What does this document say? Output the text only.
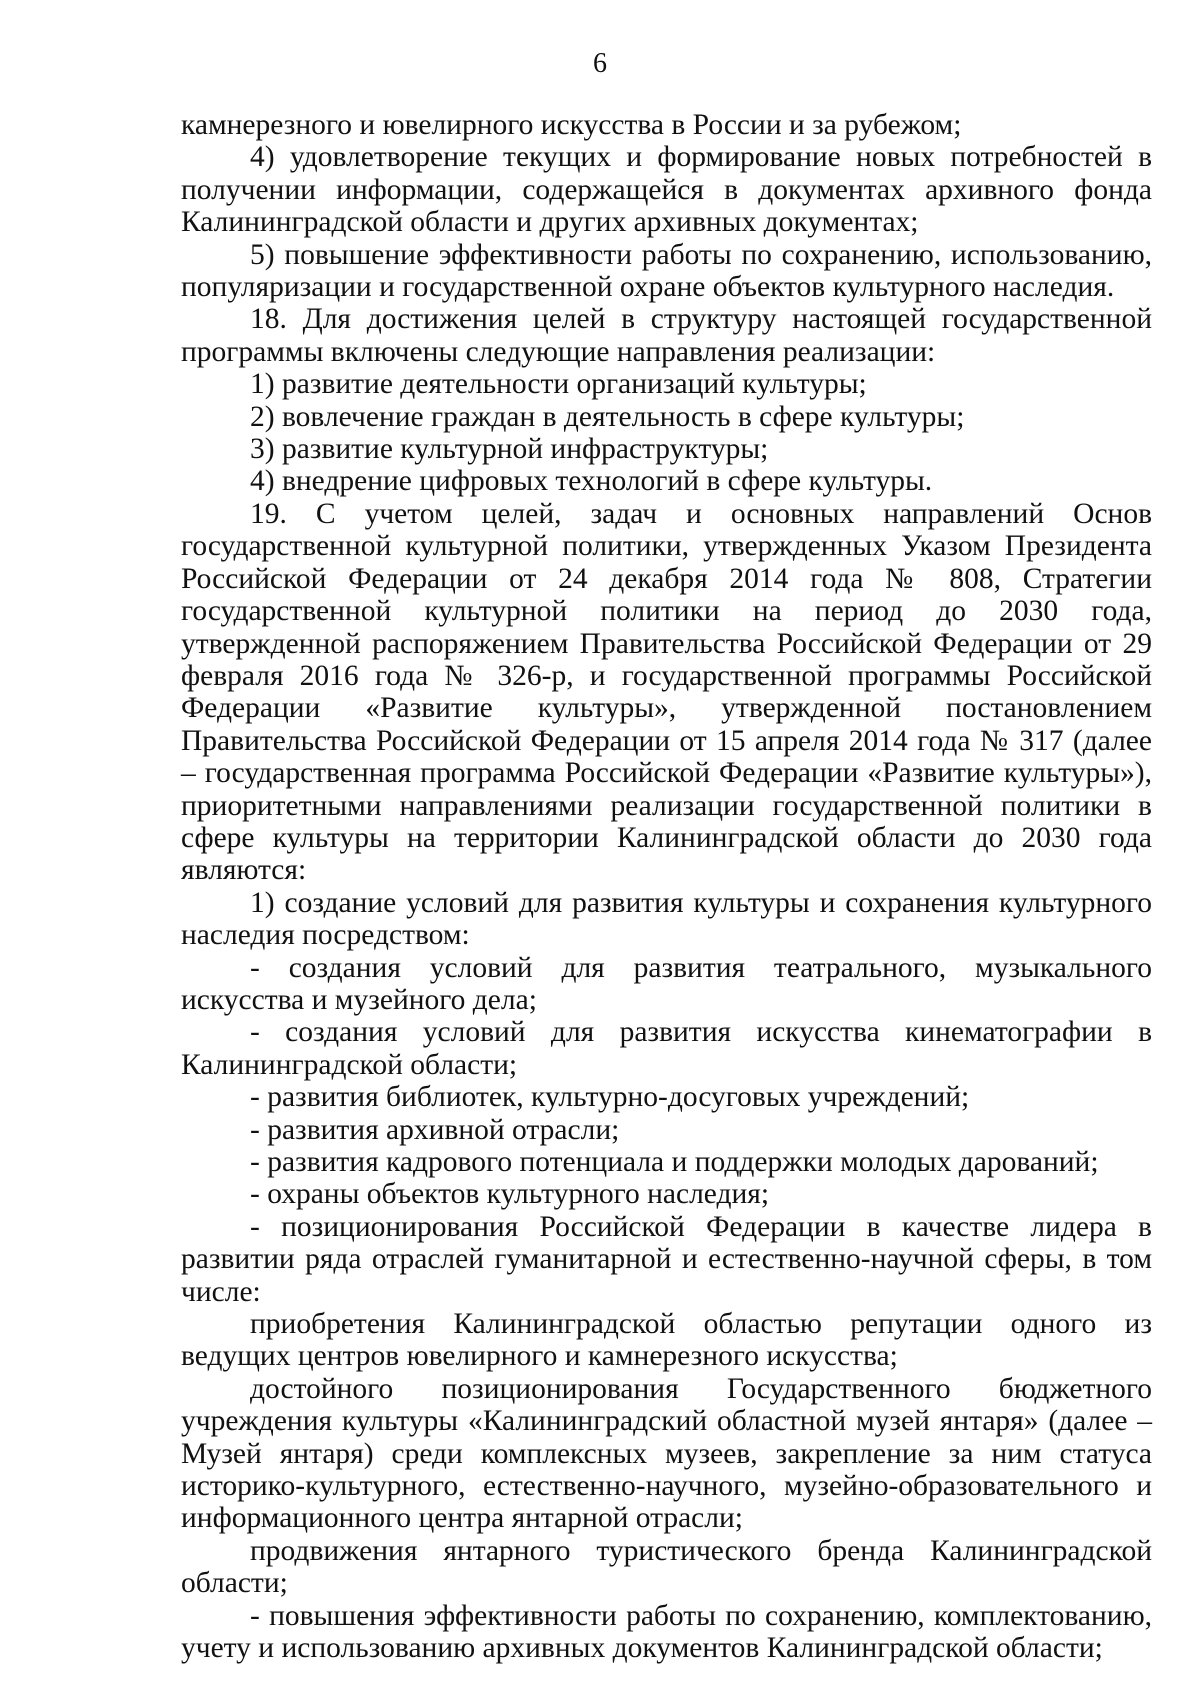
6

камнерезного и ювелирного искусства в России и за рубежом;

4) удовлетворение текущих и формирование новых потребностей в получении информации, содержащейся в документах архивного фонда Калининградской области и других архивных документах;

5) повышение эффективности работы по сохранению, использованию, популяризации и государственной охране объектов культурного наследия.

18. Для достижения целей в структуру настоящей государственной программы включены следующие направления реализации:

1) развитие деятельности организаций культуры;

2) вовлечение граждан в деятельность в сфере культуры;

3) развитие культурной инфраструктуры;

4) внедрение цифровых технологий в сфере культуры.

19. С учетом целей, задач и основных направлений Основ государственной культурной политики, утвержденных Указом Президента Российской Федерации от 24 декабря 2014 года № 808, Стратегии государственной культурной политики на период до 2030 года, утвержденной распоряжением Правительства Российской Федерации от 29 февраля 2016 года № 326-р, и государственной программы Российской Федерации «Развитие культуры», утвержденной постановлением Правительства Российской Федерации от 15 апреля 2014 года № 317 (далее – государственная программа Российской Федерации «Развитие культуры»), приоритетными направлениями реализации государственной политики в сфере культуры на территории Калининградской области до 2030 года являются:

1) создание условий для развития культуры и сохранения культурного наследия посредством:

- создания условий для развития театрального, музыкального искусства и музейного дела;

- создания условий для развития искусства кинематографии в Калининградской области;

- развития библиотек, культурно-досуговых учреждений;

- развития архивной отрасли;

- развития кадрового потенциала и поддержки молодых дарований;

- охраны объектов культурного наследия;

- позиционирования Российской Федерации в качестве лидера в развитии ряда отраслей гуманитарной и естественно-научной сферы, в том числе:

приобретения Калининградской областью репутации одного из ведущих центров ювелирного и камнерезного искусства;

достойного позиционирования Государственного бюджетного учреждения культуры «Калининградский областной музей янтаря» (далее – Музей янтаря) среди комплексных музеев, закрепление за ним статуса историко-культурного, естественно-научного, музейно-образовательного и информационного центра янтарной отрасли;

продвижения янтарного туристического бренда Калининградской области;

- повышения эффективности работы по сохранению, комплектованию, учету и использованию архивных документов Калининградской области;
